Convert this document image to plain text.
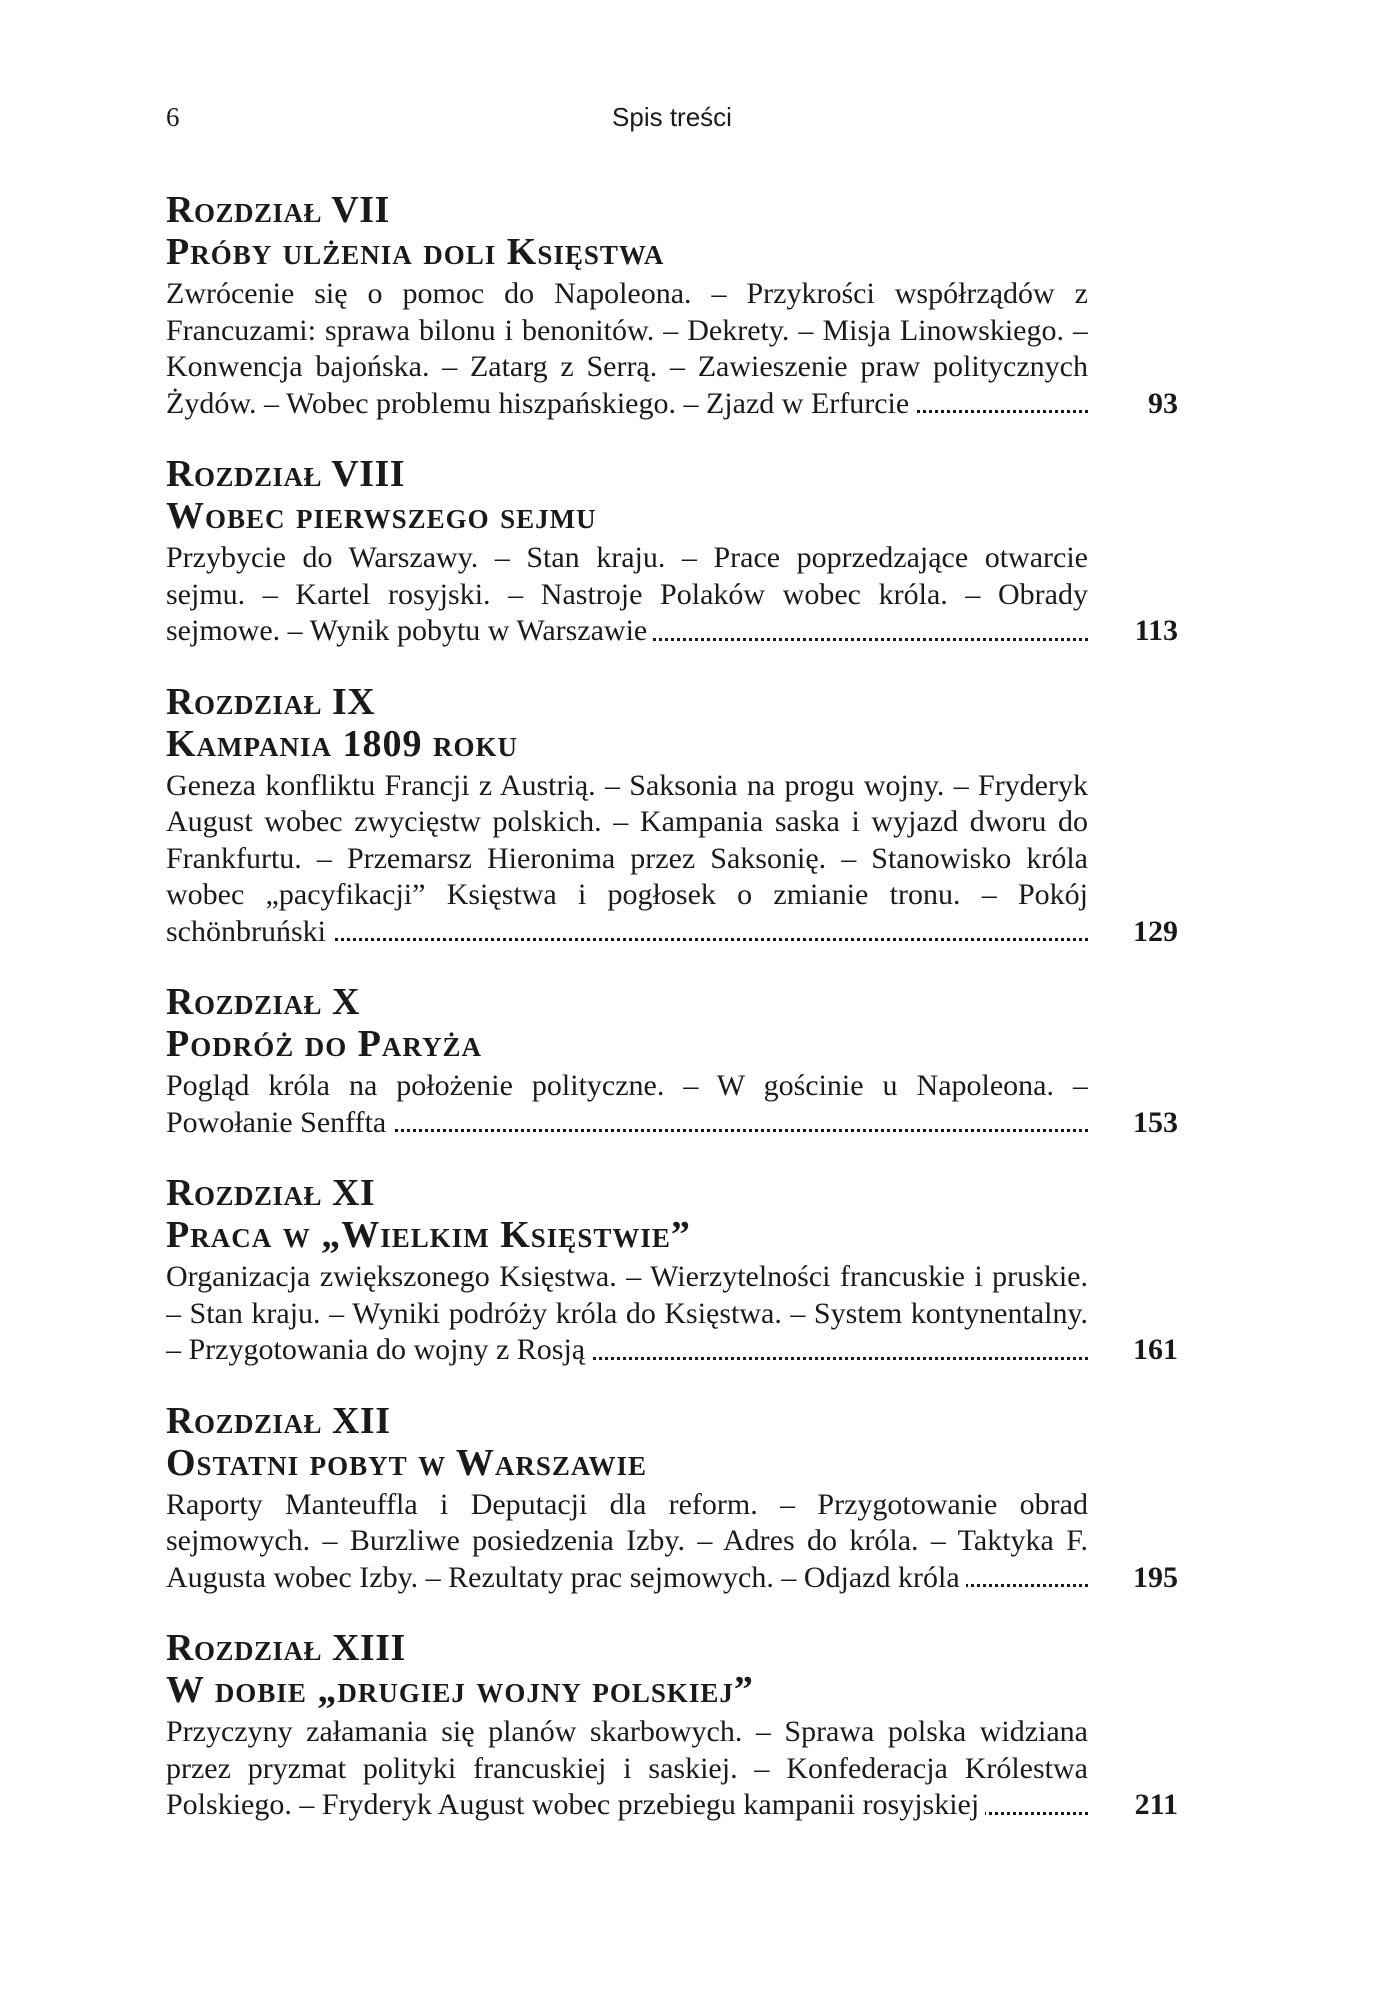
6	Spis treści
Rozdział VII
Próby ulżenia doli Księstwa
Zwrócenie się o pomoc do Napoleona. – Przykrości współrządów z Francuzami: sprawa bilonu i benonitów. – Dekrety. – Misja Linowskiego. – Konwencja bajońska. – Zatarg z Serrą. – Zawieszenie praw politycznych Żydów. – Wobec problemu hiszpańskiego. – Zjazd w Erfurcie	93
Rozdział VIII
Wobec pierwszego sejmu
Przybycie do Warszawy. – Stan kraju. – Prace poprzedzające otwarcie sejmu. – Kartel rosyjski. – Nastroje Polaków wobec króla. – Obrady sejmowe. – Wynik pobytu w Warszawie	113
Rozdział IX
Kampania 1809 roku
Geneza konfliktu Francji z Austrią. – Saksonia na progu wojny. – Fryderyk August wobec zwycięstw polskich. – Kampania saska i wyjazd dworu do Frankfurtu. – Przemarsz Hieronima przez Saksonię. – Stanowisko króla wobec „pacyfikacji” Księstwa i pogłosek o zmianie tronu. – Pokój schönbruński	129
Rozdział X
Podróż do Paryża
Pogląd króla na położenie polityczne. – W gościnie u Napoleona. – Powołanie Senffta	153
Rozdział XI
Praca w „Wielkim Księstwie”
Organizacja zwiększonego Księstwa. – Wierzytelności francuskie i pruskie. – Stan kraju. – Wyniki podróży króla do Księstwa. – System kontynentalny. – Przygotowania do wojny z Rosją	161
Rozdział XII
Ostatni pobyt w Warszawie
Raporty Manteuffla i Deputacji dla reform. – Przygotowanie obrad sejmowych. – Burzliwe posiedzenia Izby. – Adres do króla. – Taktyka F. Augusta wobec Izby. – Rezultaty prac sejmowych. – Odjazd króla	195
Rozdział XIII
W dobie „drugiej wojny polskiej”
Przyczyny załamania się planów skarbowych. – Sprawa polska widziana przez pryzmat polityki francuskiej i saskiej. – Konfederacja Królestwa Polskiego. – Fryderyk August wobec przebiegu kampanii rosyjskiej	211
